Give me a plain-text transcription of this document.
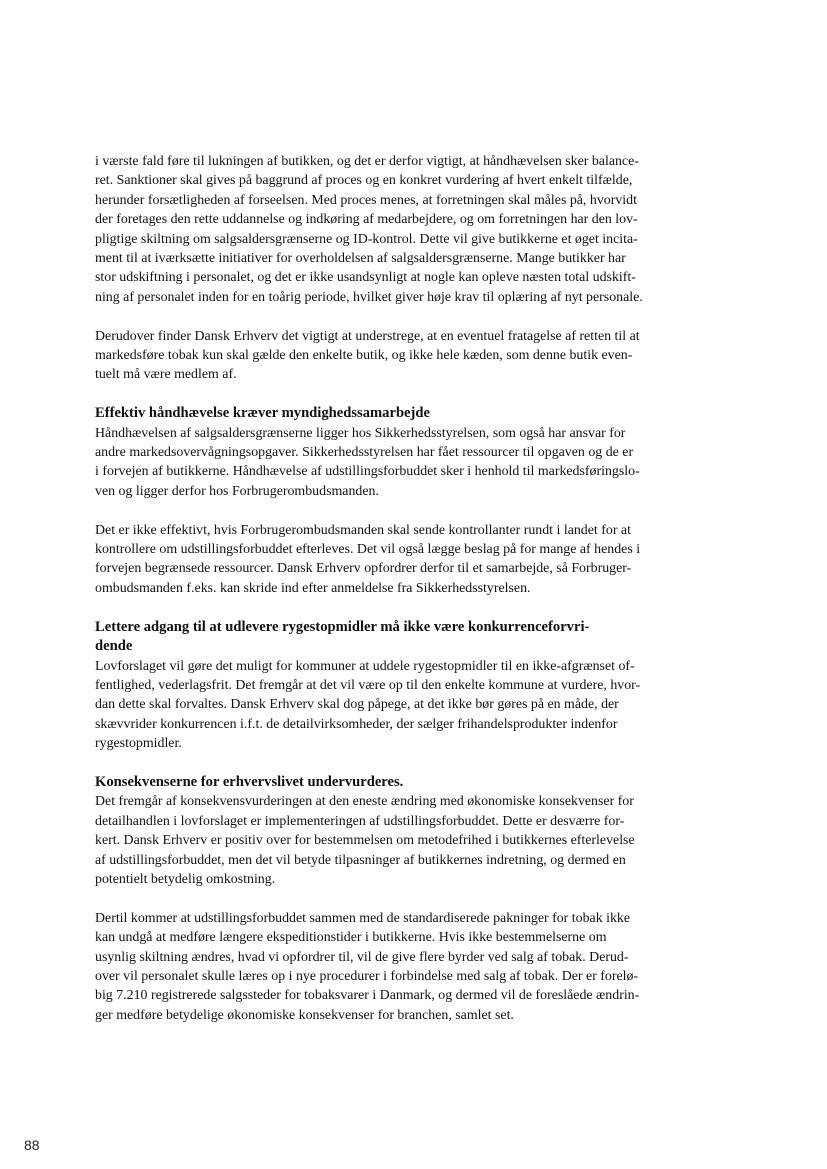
i værste fald føre til lukningen af butikken, og det er derfor vigtigt, at håndhævelsen sker balance-
ret. Sanktioner skal gives på baggrund af proces og en konkret vurdering af hvert enkelt tilfælde,
herunder forsætligheden af forseelsen. Med proces menes, at forretningen skal måles på, hvorvidt
der foretages den rette uddannelse og indkøring af medarbejdere, og om forretningen har den lov-
pligtige skiltning om salgsaldersgrænserne og ID-kontrol. Dette vil give butikkerne et øget incita-
ment til at iværksætte initiativer for overholdelsen af salgsaldersgrænserne. Mange butikker har
stor udskiftning i personalet, og det er ikke usandsynligt at nogle kan opleve næsten total udskift-
ning af personalet inden for en toårig periode, hvilket giver høje krav til oplæring af nyt personale.
Derudover finder Dansk Erhverv det vigtigt at understrege, at en eventuel fratagelse af retten til at
markedsføre tobak kun skal gælde den enkelte butik, og ikke hele kæden, som denne butik even-
tuelt må være medlem af.
Effektiv håndhævelse kræver myndighedssamarbejde
Håndhævelsen af salgsaldersgrænserne ligger hos Sikkerhedsstyrelsen, som også har ansvar for
andre markedsovervågningsopgaver. Sikkerhedsstyrelsen har fået ressourcer til opgaven og de er
i forvejen af butikkerne. Håndhævelse af udstillingsforbuddet sker i henhold til markedsføringslo-
ven og ligger derfor hos Forbrugerombudsmanden.
Det er ikke effektivt, hvis Forbrugerombudsmanden skal sende kontrollanter rundt i landet for at
kontrollere om udstillingsforbuddet efterleves. Det vil også lægge beslag på for mange af hendes i
forvejen begrænsede ressourcer. Dansk Erhverv opfordrer derfor til et samarbejde, så Forbruger-
ombudsmanden f.eks. kan skride ind efter anmeldelse fra Sikkerhedsstyrelsen.
Lettere adgang til at udlevere rygestopmidler må ikke være konkurrenceforvri-
dende
Lovforslaget vil gøre det muligt for kommuner at uddele rygestopmidler til en ikke-afgrænset of-
fentlighed, vederlagsfrit. Det fremgår at det vil være op til den enkelte kommune at vurdere, hvor-
dan dette skal forvaltes. Dansk Erhverv skal dog påpege, at det ikke bør gøres på en måde, der
skævvrider konkurrencen i.f.t. de detailvirksomheder, der sælger frihandelsprodukter indenfor
rygestopmidler.
Konsekvenserne for erhvervslivet undervurderes.
Det fremgår af konsekvensvurderingen at den eneste ændring med økonomiske konsekvenser for
detailhandlen i lovforslaget er implementeringen af udstillingsforbuddet. Dette er desværre for-
kert. Dansk Erhverv er positiv over for bestemmelsen om metodefrihed i butikkernes efterlevelse
af udstillingsforbuddet, men det vil betyde tilpasninger af butikkernes indretning, og dermed en
potentielt betydelig omkostning.
Dertil kommer at udstillingsforbuddet sammen med de standardiserede pakninger for tobak ikke
kan undgå at medføre længere ekspeditionstider i butikkerne. Hvis ikke bestemmelserne om
usynlig skiltning ændres, hvad vi opfordrer til, vil de give flere byrder ved salg af tobak. Derud-
over vil personalet skulle læres op i nye procedurer i forbindelse med salg af tobak. Der er forelø-
big 7.210 registrerede salgssteder for tobaksvarer i Danmark, og dermed vil de foreslåede ændrin-
ger medføre betydelige økonomiske konsekvenser for branchen, samlet set.
88
